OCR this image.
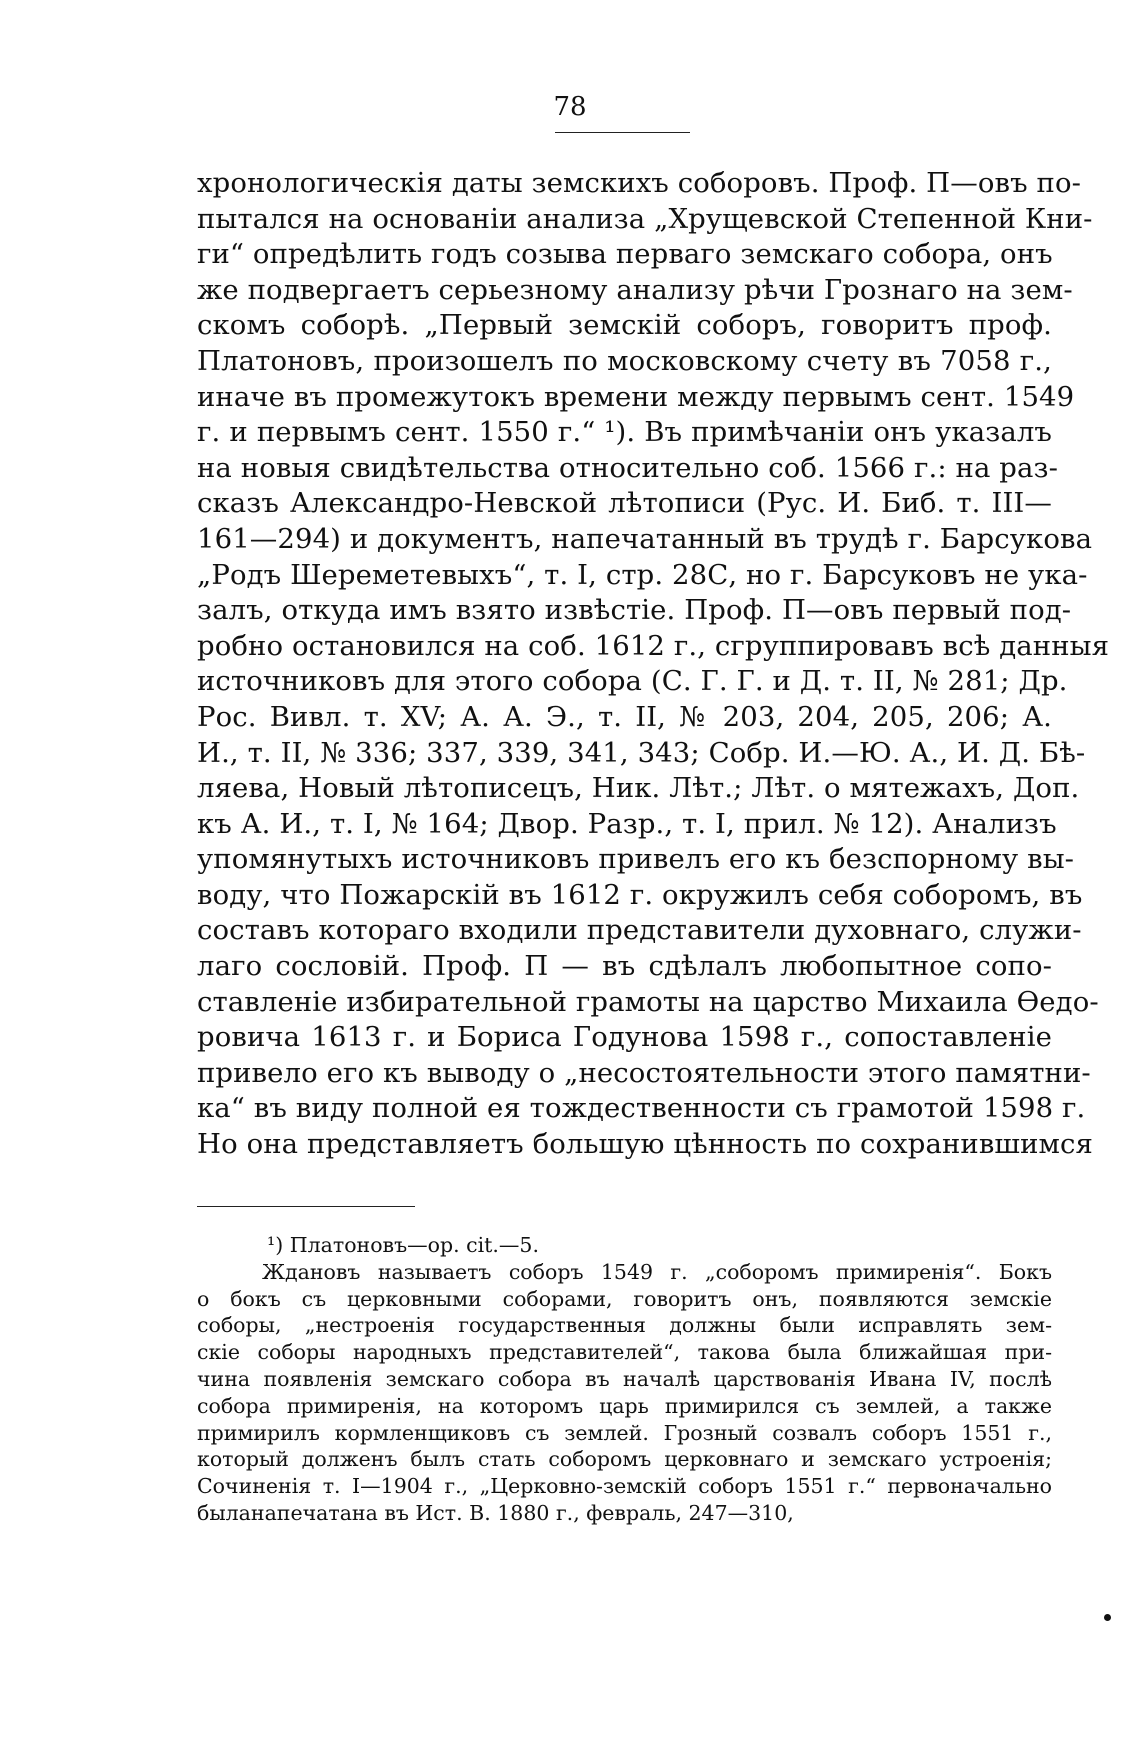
78
хронологическія даты земскихъ соборовъ. Проф. П—овъ по-
пытался на основаніи анализа „Хрущевской Степенной Кни-
ги“ опредѣлить годъ созыва перваго земскаго собора, онъ
же подвергаетъ серьезному анализу рѣчи Грознаго на зем-
скомъ соборѣ. „Первый земскій соборъ, говоритъ проф.
Платоновъ, произошелъ по московскому счету въ 7058 г.,
иначе въ промежутокъ времени между первымъ сент. 1549
г. и первымъ сент. 1550 г.“ ¹). Въ примѣчаніи онъ указалъ
на новыя свидѣтельства относительно соб. 1566 г.: на раз-
сказъ Александро-Невской лѣтописи (Рус. И. Биб. т. III—
161—294) и документъ, напечатанный въ трудѣ г. Барсукова
„Родъ Шереметевыхъ“, т. I, стр. 28С, но г. Барсуковъ не ука-
залъ, откуда имъ взято извѣстіе. Проф. П—овъ первый под-
робно остановился на соб. 1612 г., сгруппировавъ всѣ данныя
источниковъ для этого собора (С. Г. Г. и Д. т. II, № 281; Др.
Рос. Вивл. т. XV; А. А. Э., т. II, № 203, 204, 205, 206; А.
И., т. II, № 336; 337, 339, 341, 343; Собр. И.—Ю. А., И. Д. Бѣ-
ляева, Новый лѣтописецъ, Ник. Лѣт.; Лѣт. о мятежахъ, Доп.
къ А. И., т. I, № 164; Двор. Разр., т. I, прил. № 12). Анализъ
упомянутыхъ источниковъ привелъ его къ безспорному вы-
воду, что Пожарскій въ 1612 г. окружилъ себя соборомъ, въ
составъ котораго входили представители духовнаго, служи-
лаго сословій. Проф. П — въ сдѣлалъ любопытное сопо-
ставленіе избирательной грамоты на царство Михаила Ѳедо-
ровича 1613 г. и Бориса Годунова 1598 г., сопоставленіе
привело его къ выводу о „несостоятельности этого памятни-
ка“ въ виду полной ея тождественности съ грамотой 1598 г.
Но она представляетъ большую цѣнность по сохранившимся
¹) Платоновъ—ор. cit.—5.
Ждановъ называетъ соборъ 1549 г. „соборомъ примиренія“. Бокъ
о бокъ съ церковными соборами, говоритъ онъ, появляются земскіе
соборы, „нестроенія государственныя должны были исправлять зем-
скіе соборы народныхъ представителей“, такова была ближайшая при-
чина появленія земскаго собора въ началѣ царствованія Ивана IV, послѣ
собора примиренія, на которомъ царь примирился съ землей, а также
примирилъ кормленщиковъ съ землей. Грозный созвалъ соборъ 1551 г.,
который долженъ былъ стать соборомъ церковнаго и земскаго устроенія;
Сочиненія т. I—1904 г., „Церковно-земскій соборъ 1551 г.“ первоначально
быланапечатана въ Ист. В. 1880 г., февраль, 247—310,
